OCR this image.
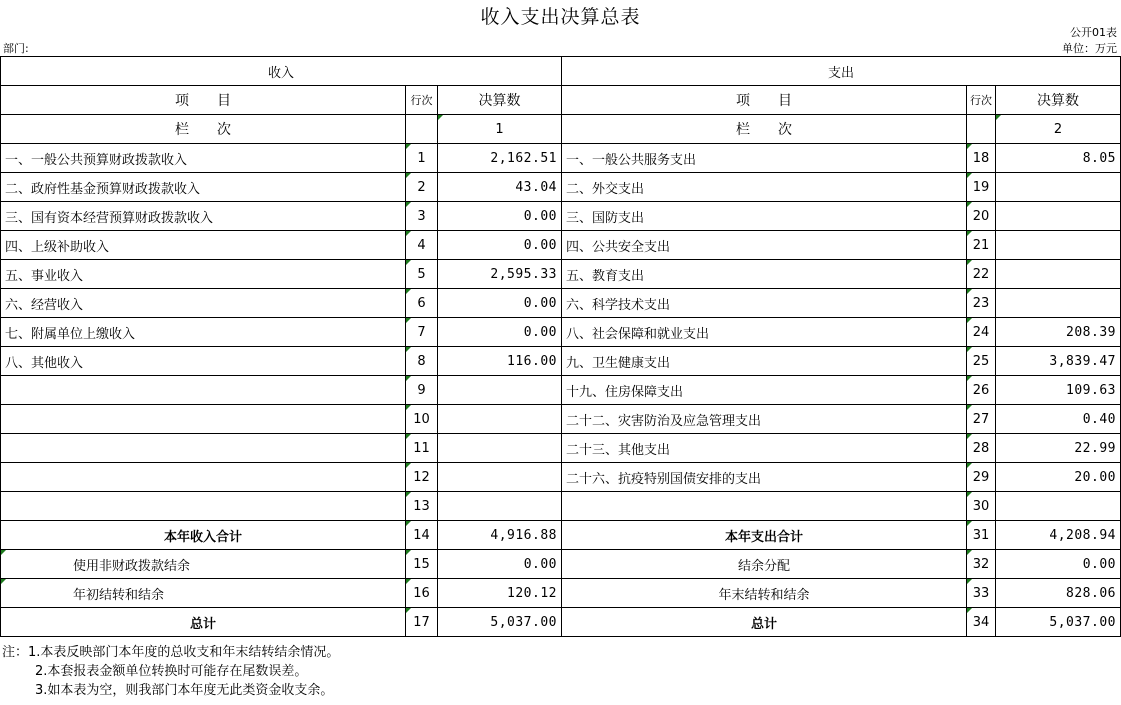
收入支出决算总表
公开01表
部门:	单位：万元
收入			支出		
项　　目	行次	决算数	项　　目	行次	决算数
栏　　次		1	栏　　次		2
一、一般公共预算财政拨款收入	1	2,162.51	一、一般公共服务支出	18	8.05
二、政府性基金预算财政拨款收入	2	43.04	二、外交支出	19	
三、国有资本经营预算财政拨款收入	3	0.00	三、国防支出	20	
四、上级补助收入	4	0.00	四、公共安全支出	21	
五、事业收入	5	2,595.33	五、教育支出	22	
六、经营收入	6	0.00	六、科学技术支出	23	
七、附属单位上缴收入	7	0.00	八、社会保障和就业支出	24	208.39
八、其他收入	8	116.00	九、卫生健康支出	25	3,839.47
	9		十九、住房保障支出	26	109.63
	10		二十二、灾害防治及应急管理支出	27	0.40
	11		二十三、其他支出	28	22.99
	12		二十六、抗疫特别国债安排的支出	29	20.00
	13			30	
本年收入合计	14	4,916.88	本年支出合计	31	4,208.94
使用非财政拨款结余	15	0.00	结余分配	32	0.00
年初结转和结余	16	120.12	年末结转和结余	33	828.06
总计	17	5,037.00	总计	34	5,037.00
注：1.本表反映部门本年度的总收支和年末结转结余情况。
2.本套报表金额单位转换时可能存在尾数误差。
3.如本表为空，则我部门本年度无此类资金收支余。
